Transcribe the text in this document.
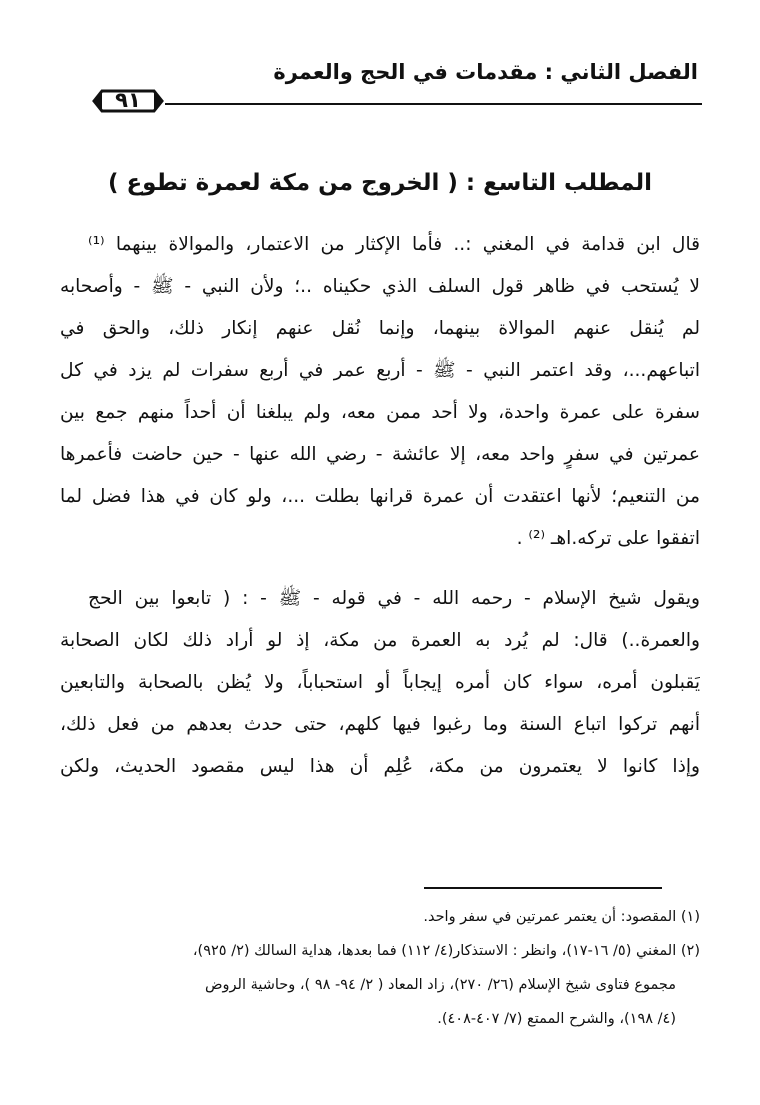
الفصل الثاني : مقدمات في الحج والعمرة
٩١
المطلب التاسع : ( الخروج من مكة لعمرة تطوع )
قال ابن قدامة في المغني :.. فأما الإكثار من الاعتمار، والموالاة بينهما ⁽¹⁾
لا يُستحب في ظاهر قول السلف الذي حكيناه ..؛ ولأن النبي - ﷺ - وأصحابه
لم يُنقل عنهم الموالاة بينهما، وإنما نُقل عنهم إنكار ذلك، والحق في
اتباعهم...، وقد اعتمر النبي - ﷺ - أربع عمر في أربع سفرات لم يزد في كل
سفرة على عمرة واحدة، ولا أحد ممن معه، ولم يبلغنا أن أحداً منهم جمع بين
عمرتين في سفرٍ واحد معه، إلا عائشة - رضي الله عنها - حين حاضت فأعمرها
من التنعيم؛ لأنها اعتقدت أن عمرة قرانها بطلت ...، ولو كان في هذا فضل لما
اتفقوا على تركه.اهـ ⁽²⁾ .
ويقول شيخ الإسلام - رحمه الله - في قوله - ﷺ - : ( تابعوا بين الحج
والعمرة..) قال: لم يُرد به العمرة من مكة، إذ لو أراد ذلك لكان الصحابة
يَقبلون أمره، سواء كان أمره إيجاباً أو استحباباً، ولا يُظن بالصحابة والتابعين
أنهم تركوا اتباع السنة وما رغبوا فيها كلهم، حتى حدث بعدهم من فعل ذلك،
وإذا كانوا لا يعتمرون من مكة، عُلِم أن هذا ليس مقصود الحديث، ولكن
(١) المقصود: أن يعتمر عمرتين في سفر واحد.
(٢) المغني (٥/ ١٦-١٧)، وانظر : الاستذكار(٤/ ١١٢) فما بعدها، هداية السالك (٢/ ٩٢٥)،
مجموع فتاوى شيخ الإسلام (٢٦/ ٢٧٠)، زاد المعاد ( ٢/ ٩٤- ٩٨ )، وحاشية الروض
(٤/ ١٩٨)، والشرح الممتع (٧/ ٤٠٧-٤٠٨).
